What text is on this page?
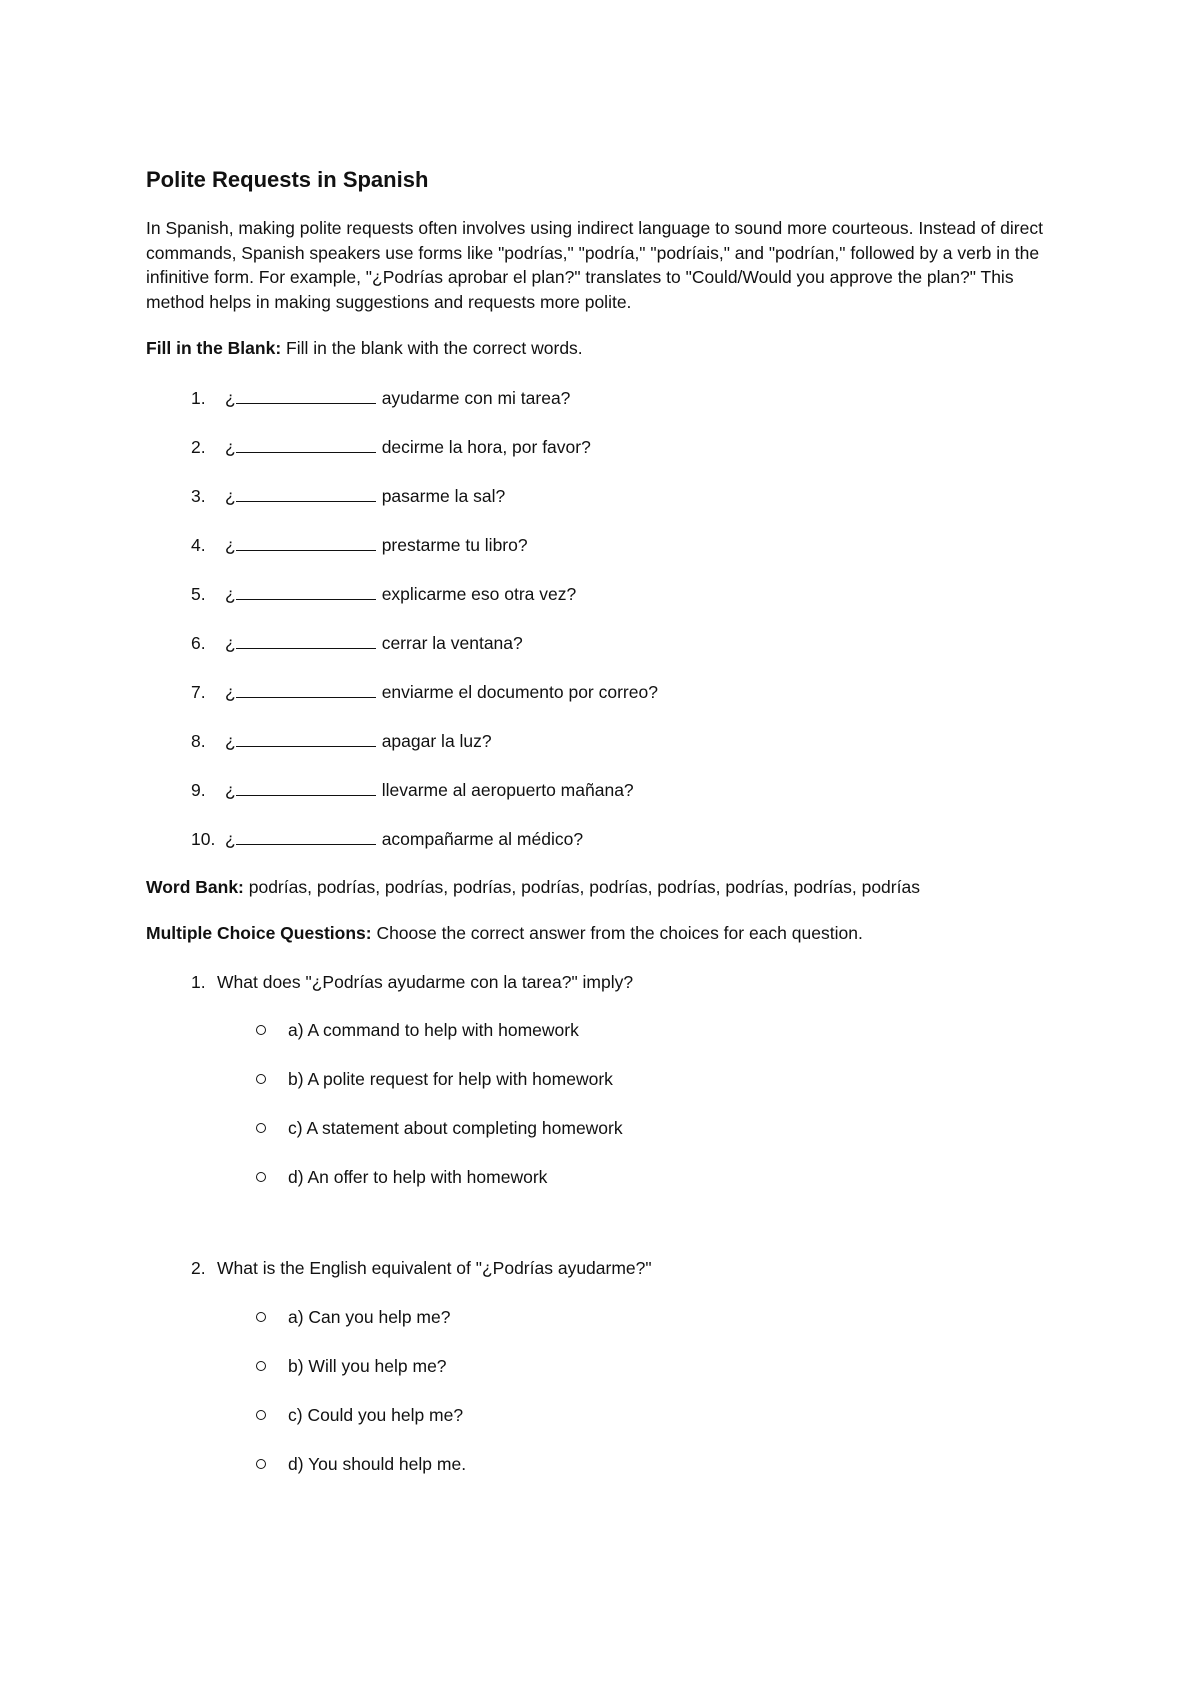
Polite Requests in Spanish

In Spanish, making polite requests often involves using indirect language to sound more courteous. Instead of direct commands, Spanish speakers use forms like "podrías," "podría," "podríais," and "podrían," followed by a verb in the infinitive form. For example, "¿Podrías aprobar el plan?" translates to "Could/Would you approve the plan?" This method helps in making suggestions and requests more polite.

Fill in the Blank: Fill in the blank with the correct words.

1.	¿	ayudarme con mi tarea?
2.	¿	decirme la hora, por favor?
3.	¿	pasarme la sal?
4.	¿	prestarme tu libro?
5.	¿	explicarme eso otra vez?
6.	¿	cerrar la ventana?
7.	¿	enviarme el documento por correo?
8.	¿	apagar la luz?
9.	¿	llevarme al aeropuerto mañana?
10. ¿	acompañarme al médico?

Word Bank: podrías, podrías, podrías, podrías, podrías, podrías, podrías, podrías, podrías, podrías

Multiple Choice Questions: Choose the correct answer from the choices for each question.

1. What does "¿Podrías ayudarme con la tarea?" imply?
a) A command to help with homework
b) A polite request for help with homework
c) A statement about completing homework
d) An offer to help with homework
2. What is the English equivalent of "¿Podrías ayudarme?"
a) Can you help me?
b) Will you help me?
c) Could you help me?
d) You should help me.
